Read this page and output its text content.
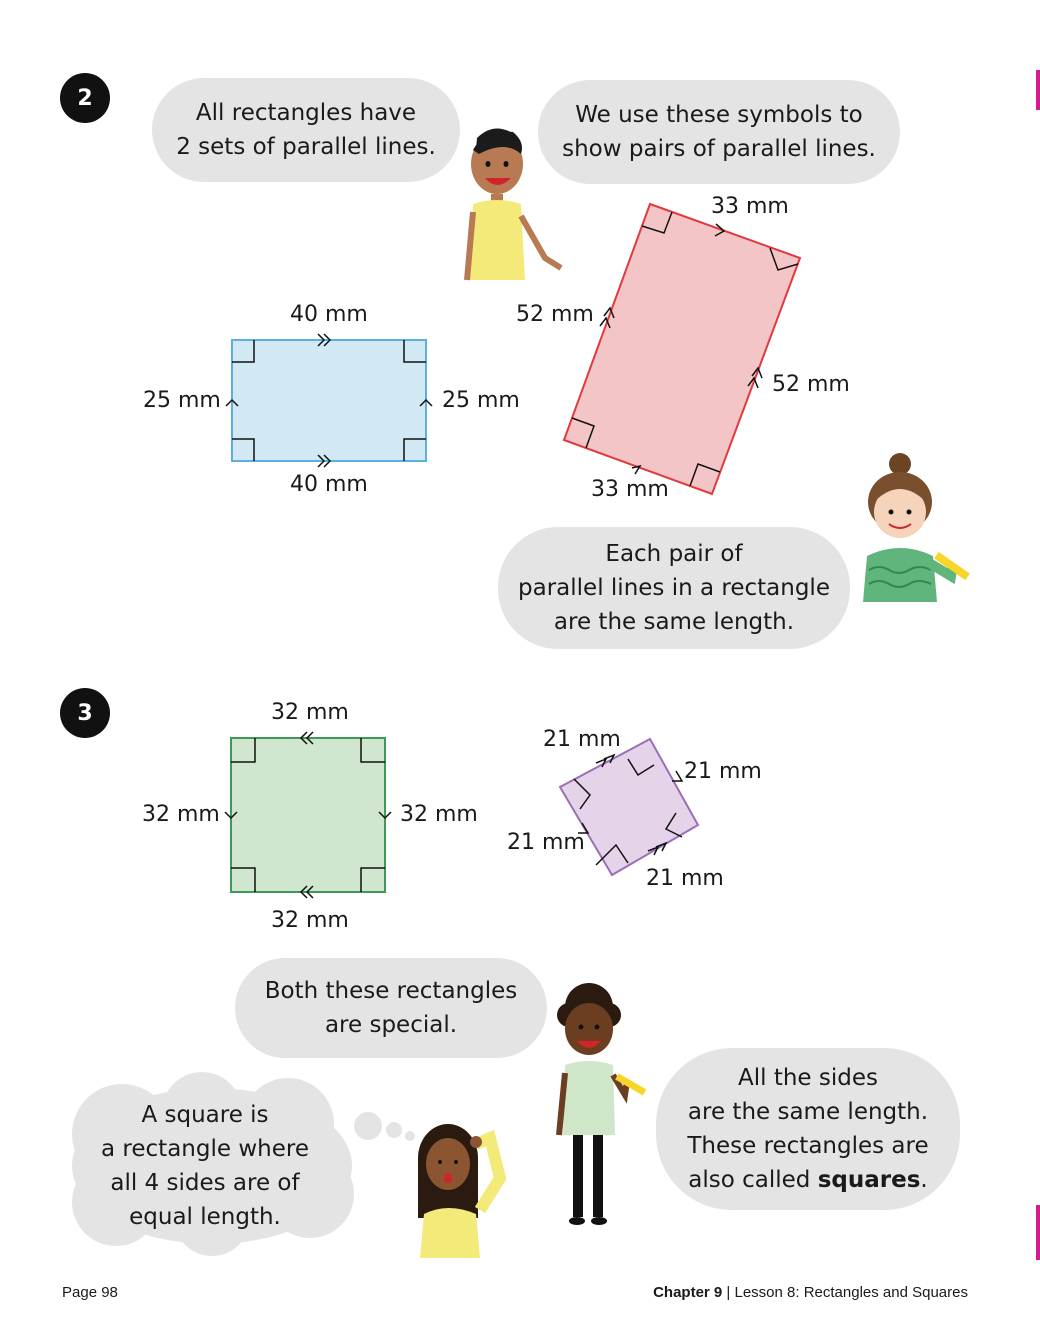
2
All rectangles have
2 sets of parallel lines.
We use these symbols to
show pairs of parallel lines.
40 mm
40 mm
25 mm	25 mm
33 mm
33 mm
52 mm
52 mm
Each pair of
parallel lines in a rectangle
are the same length.
3	32 mm
32 mm
32 mm	32 mm
21 mm
21 mm
21 mm
21 mm
Both these rectangles
are special.
All the sides
are the same length.
These rectangles are
also called squares.
A square is
a rectangle where
all 4 sides are of
equal length.
Page 98	Chapter 9 | Lesson 8: Rectangles and Squares
